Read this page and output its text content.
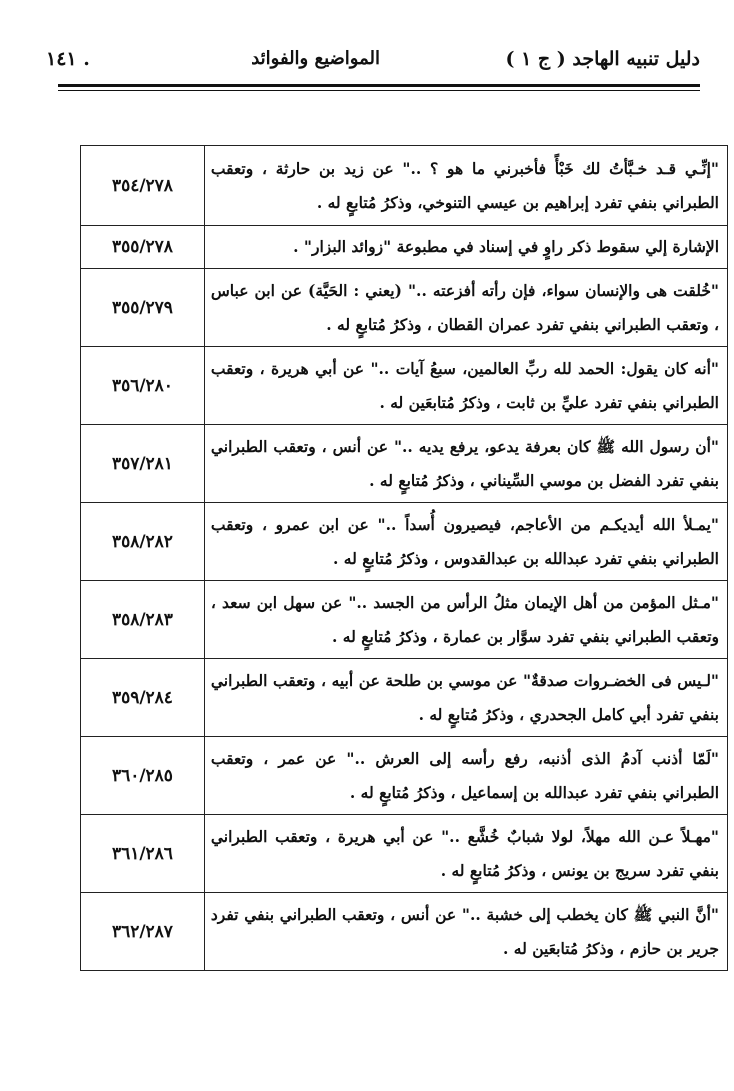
دليل تنبيه الهاجد ( ج ١ )
المواضيع والفوائد
١٤١ .
"إنِّـي قـد خـبَّأتُ لك خَبْأً فأخبرني ما هو ؟ .." عن زيد بن حارثة ، وتعقب الطبراني بنفي تفرد إبراهيم بن عيسي التنوخي، وذكرُ مُتابعٍ له .	٣٥٤/٢٧٨
الإشارة إلي سقوط ذكر راوٍ في إسناد في مطبوعة "زوائد البزار" .	٣٥٥/٢٧٨
"خُلقت هى والإنسان سواء، فإن رأته أفزعته .." (يعني : الحَيَّة) عن ابن عباس ، وتعقب الطبراني بنفي تفرد عمران القطان ، وذكرُ مُتابعٍ له .	٣٥٥/٢٧٩
"أنه كان يقول: الحمد لله ربِّ العالمين، سبعُ آيات .." عن أبي هريرة ، وتعقب الطبراني بنفي تفرد عليِّ بن ثابت ، وذكرُ مُتابعَين له .	٣٥٦/٢٨٠
"أن رسول الله ﷺ كان بعرفة يدعو، يرفع يديه .." عن أنس ، وتعقب الطبراني بنفي تفرد الفضل بن موسي السِّيناني ، وذكرُ مُتابعٍ له .	٣٥٧/٢٨١
"يمـلأ الله أيديكـم من الأعاجم، فيصيرون أُسداً .." عن ابن عمرو ، وتعقب الطبراني بنفي تفرد عبدالله بن عبدالقدوس ، وذكرُ مُتابعٍ له .	٣٥٨/٢٨٢
"مـثل المؤمن من أهل الإيمان مثلُ الرأس من الجسد .." عن سهل ابن سعد ، وتعقب الطبراني بنفي تفرد سوَّار بن عمارة ، وذكرُ مُتابعٍ له .	٣٥٨/٢٨٣
"لـيس فى الخضـروات صدقةٌ" عن موسي بن طلحة عن أبيه ، وتعقب الطبراني بنفي تفرد أبي كامل الجحدري ، وذكرُ مُتابعٍ له .	٣٥٩/٢٨٤
"لَمّا أذنب آدمُ الذى أذنبه، رفع رأسه إلى العرش .." عن عمر ، وتعقب الطبراني بنفي تفرد عبدالله بن إسماعيل ، وذكرُ مُتابعٍ له .	٣٦٠/٢٨٥
"مهـلاً عـن الله مهلاً، لولا شبابٌ خُشَّع .." عن أبي هريرة ، وتعقب الطبراني بنفي تفرد سريج بن يونس ، وذكرُ مُتابعٍ له .	٣٦١/٢٨٦
"أنَّ النبي ﷺ كان يخطب إلى خشبة .." عن أنس ، وتعقب الطبراني بنفي تفرد جرير بن حازم ، وذكرُ مُتابعَين له .	٣٦٢/٢٨٧
